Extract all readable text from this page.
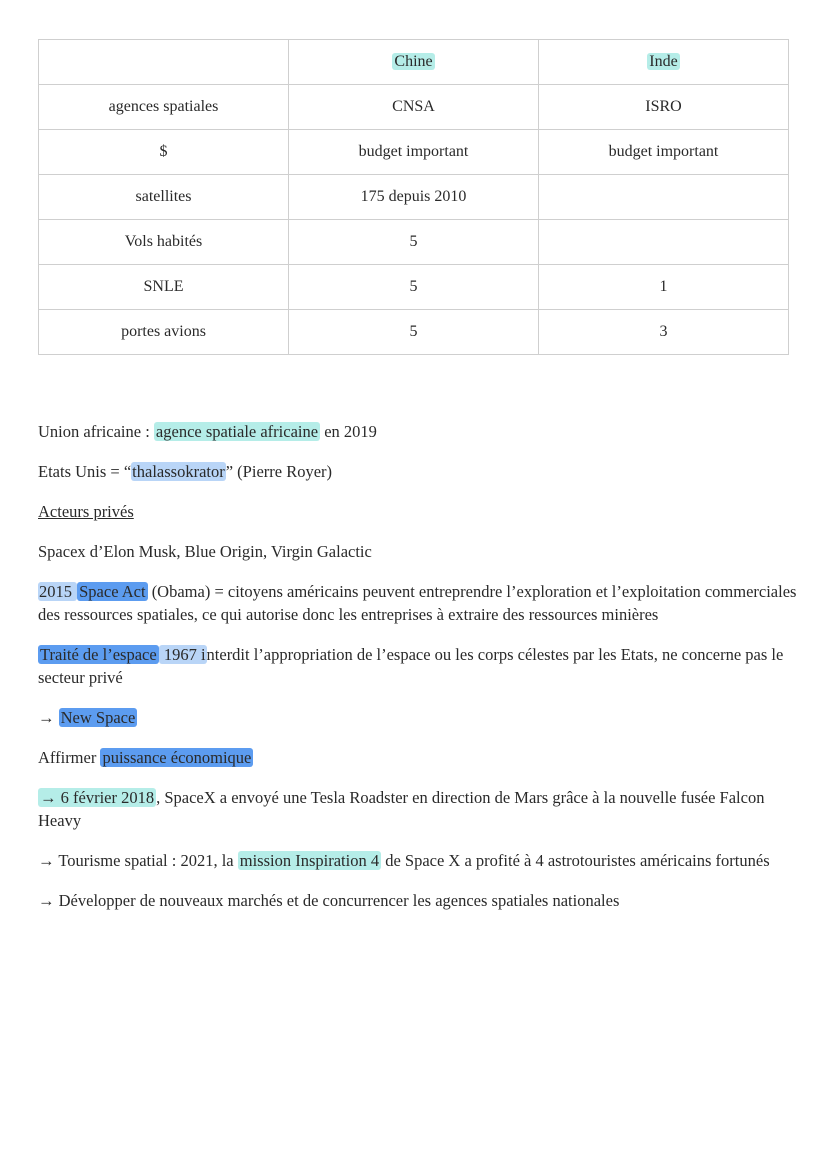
	Chine	Inde
agences spatiales	CNSA	ISRO
$	budget important	budget important
satellites	175 depuis 2010	
Vols habités	5	
SNLE	5	1
portes avions	5	3

Union africaine : agence spatiale africaine en 2019

Etats Unis = “thalassokrator” (Pierre Royer)

Acteurs privés

Spacex d’Elon Musk, Blue Origin, Virgin Galactic

2015 Space Act (Obama) = citoyens américains peuvent entreprendre l’exploration et l’exploitation commerciales des ressources spatiales, ce qui autorise donc les entreprises à extraire des ressources minières

Traité de l’espace 1967 interdit l’appropriation de l’espace ou les corps célestes par les Etats, ne concerne pas le secteur privé

→ New Space

Affirmer puissance économique

→ 6 février 2018 , SpaceX a envoyé une Tesla Roadster en direction de Mars grâce à la nouvelle fusée Falcon Heavy

→ Tourisme spatial : 2021, la mission Inspiration 4 de Space X a profité à 4 astrotouristes américains fortunés

→ Développer de nouveaux marchés et de concurrencer les agences spatiales nationales
